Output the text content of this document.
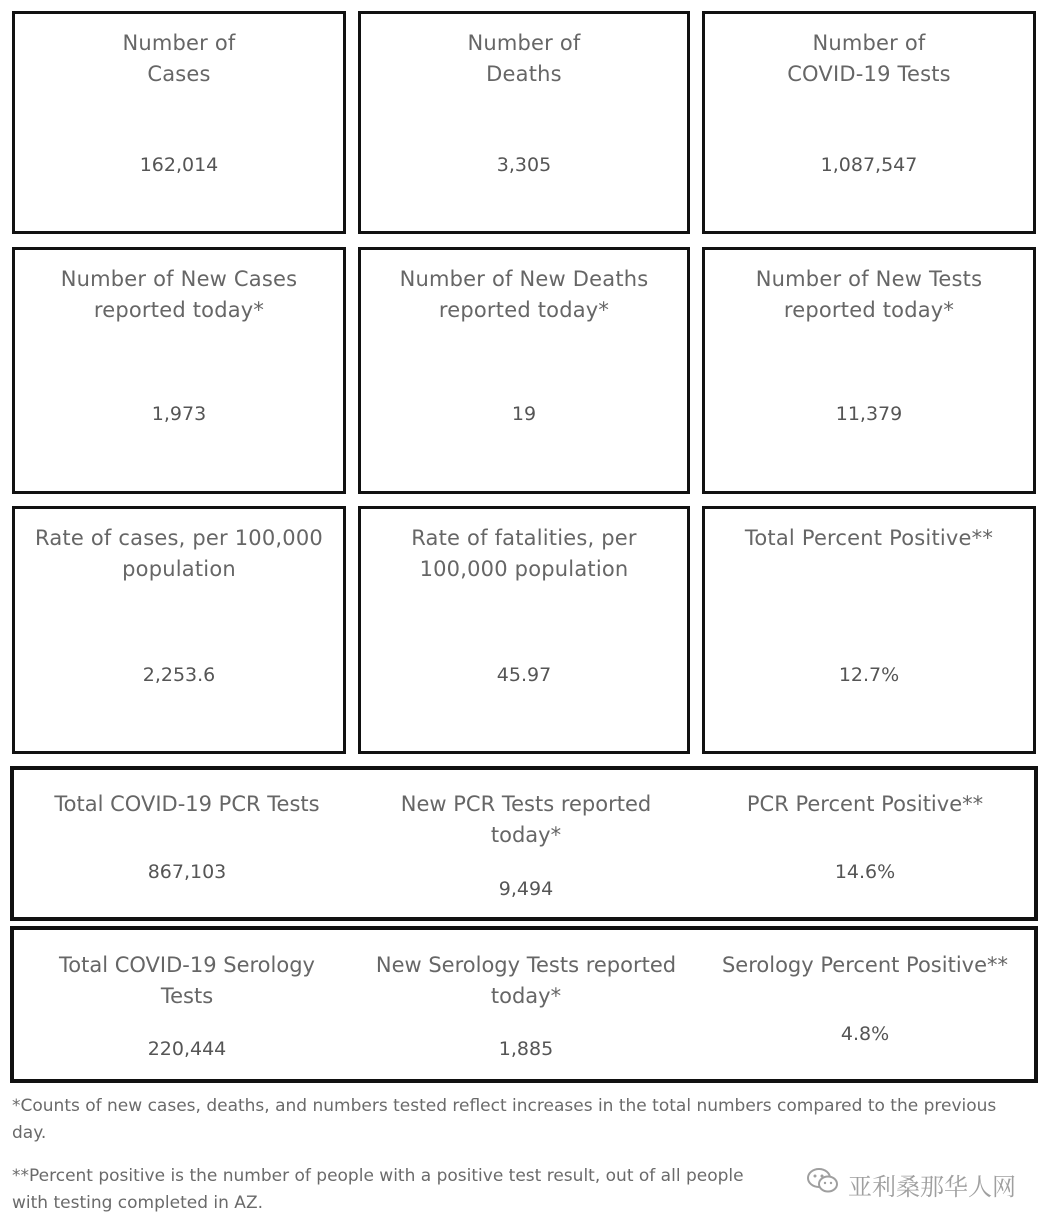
Number of
Cases
162,014
Number of
Deaths
3,305
Number of
COVID-19 Tests
1,087,547
Number of New Cases
reported today*
1,973
Number of New Deaths
reported today*
19
Number of New Tests
reported today*
11,379
Rate of cases, per 100,000
population
2,253.6
Rate of fatalities, per
100,000 population
45.97
Total Percent Positive**
12.7%
Total COVID-19 PCR Tests
867,103
New PCR Tests reported
today*
9,494
PCR Percent Positive**
14.6%
Total COVID-19 Serology
Tests
220,444
New Serology Tests reported
today*
1,885
Serology Percent Positive**
4.8%
*Counts of new cases, deaths, and numbers tested reflect increases in the total numbers compared to the previous day.
**Percent positive is the number of people with a positive test result, out of all people with testing completed in AZ.
亚利桑那华人网
